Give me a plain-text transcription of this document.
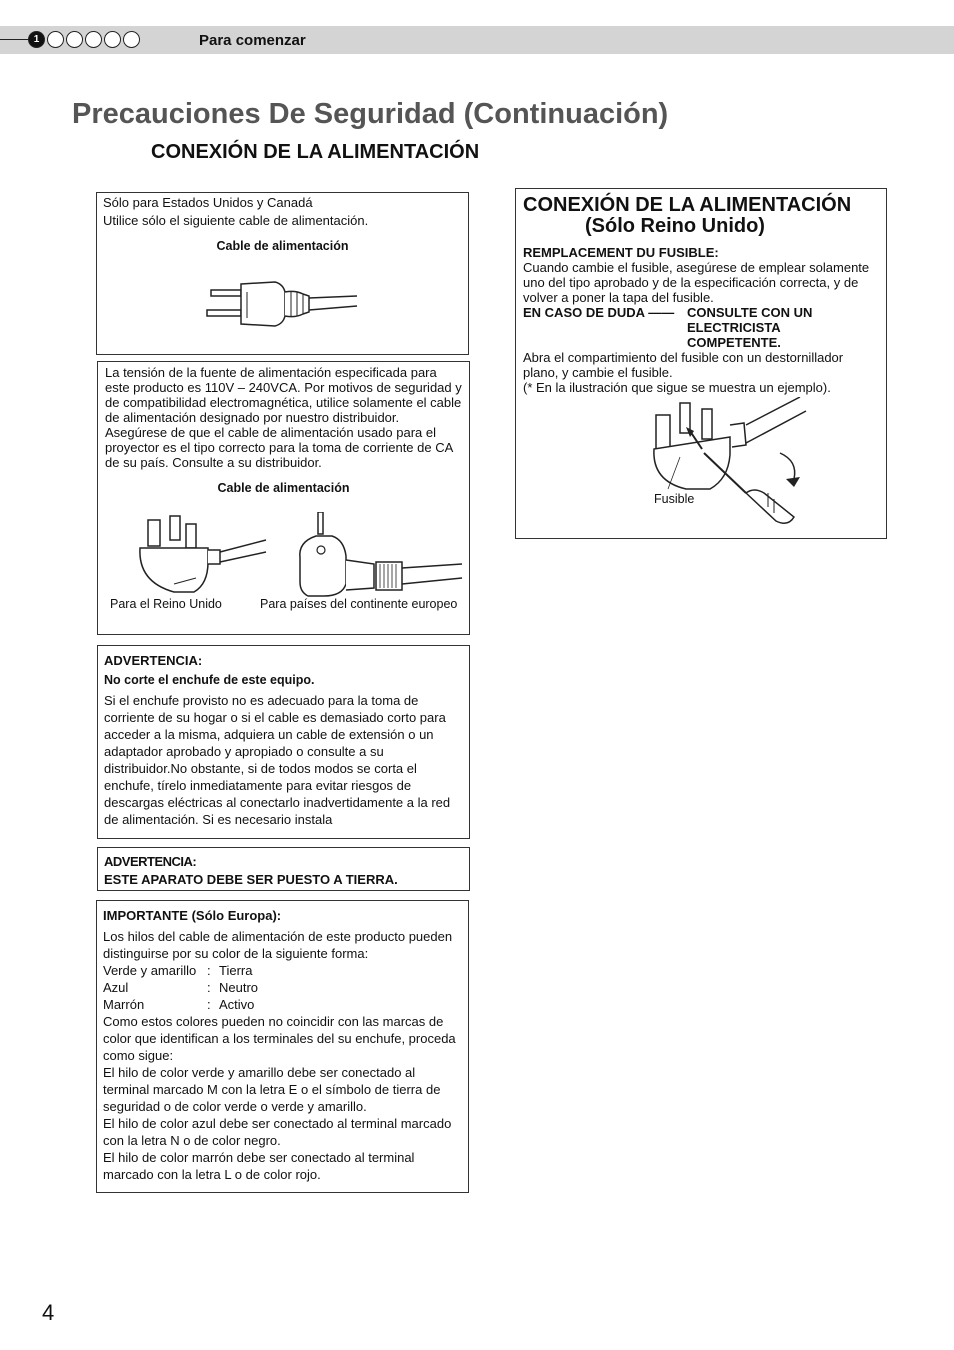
1	Para comenzar
Precauciones De Seguridad (Continuación)
CONEXIÓN DE LA ALIMENTACIÓN

Sólo para Estados Unidos y Canadá

Utilice sólo el siguiente cable de alimentación.

Cable de alimentación

La tensión de la fuente de alimentación especificada para este producto es 110V – 240VCA. Por motivos de seguridad y de compatibilidad electromagnética, utilice solamente el cable de alimentación designado por nuestro distribuidor.

Asegúrese de que el cable de alimentación usado para el proyector es el tipo correcto para la toma de corriente de CA de su país. Consulte a su distribuidor.

Cable de alimentación

Para el Reino Unido	Para países del continente europeo

ADVERTENCIA:

No corte el enchufe de este equipo.

Si el enchufe provisto no es adecuado para la toma de corriente de su hogar o si el cable es demasiado corto para acceder a la misma, adquiera un cable de extensión o un adaptador aprobado y apropiado o consulte a su distribuidor.No obstante, si de todos modos se corta el enchufe, tírelo inmediatamente para evitar riesgos de descargas eléctricas al conectarlo inadvertidamente a la red de alimentación. Si es necesario instala

ADVERTENCIA:

ESTE APARATO DEBE SER PUESTO A TIERRA.

IMPORTANTE (Sólo Europa):

Los hilos del cable de alimentación de este producto pueden distinguirse por su color de la siguiente forma:

Verde y amarillo : Tierra
Azul	: Neutro
Marrón	: Activo

Como estos colores pueden no coincidir con las marcas de color que identifican a los terminales del su enchufe, proceda como sigue:

El hilo de color verde y amarillo debe ser conectado al terminal marcado M con la letra E o el símbolo de tierra de seguridad o de color verde o verde y amarillo.

El hilo de color azul debe ser conectado al terminal marcado con la letra N o de color negro.

El hilo de color marrón debe ser conectado al terminal marcado con la letra L o de color rojo.

CONEXIÓN DE LA ALIMENTACIÓN

(Sólo Reino Unido)

REMPLACEMENT DU FUSIBLE:

Cuando cambie el fusible, asegúrese de emplear solamente uno del tipo aprobado y de la especificación correcta, y de volver a poner la tapa del fusible.

EN CASO DE DUDA —— CONSULTE CON UN ELECTRICISTA COMPETENTE.

Abra el compartimiento del fusible con un destornillador plano, y cambie el fusible.

(* En la ilustración que sigue se muestra un ejemplo).

Fusible

4
